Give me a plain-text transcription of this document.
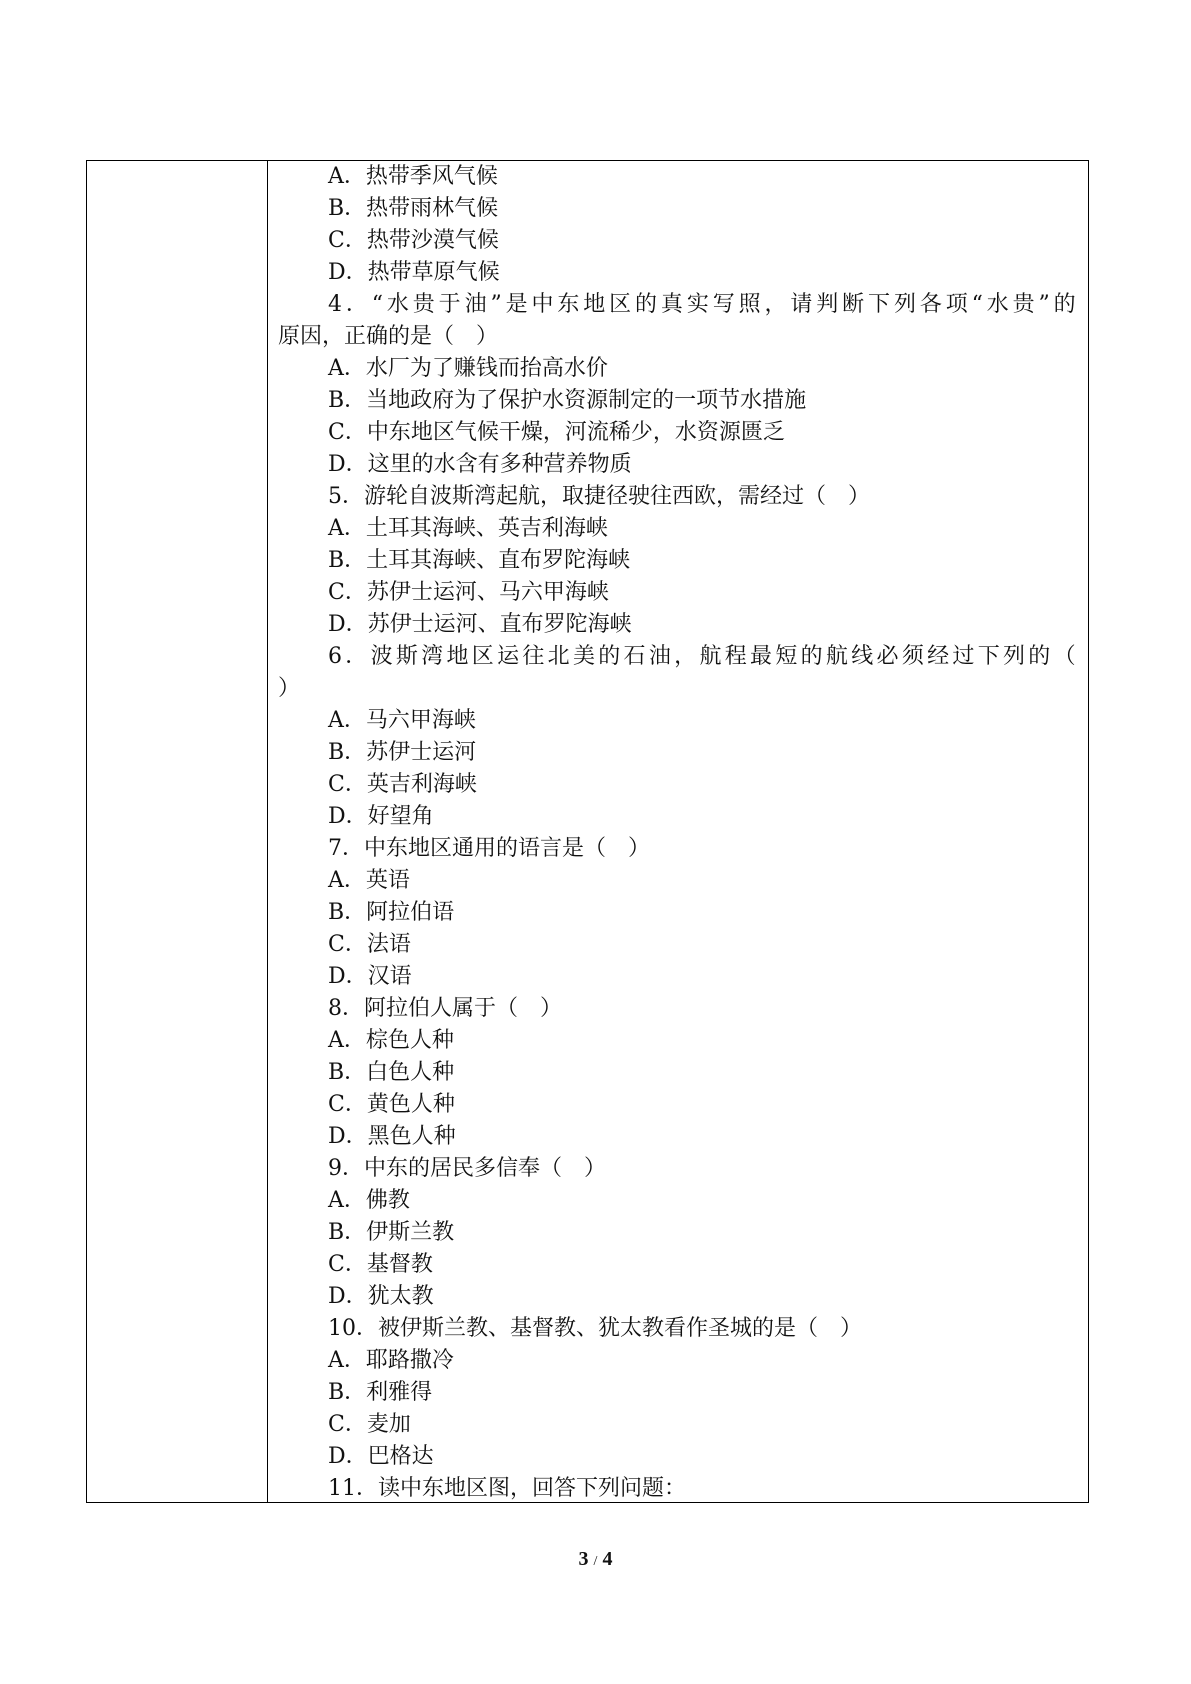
A．热带季风气候
B．热带雨林气候
C．热带沙漠气候
D．热带草原气候
4 ． “ 水 贵 于 油 ” 是 中 东 地 区 的 真 实 写 照 ， 请 判 断 下 列 各 项 “ 水 贵 ” 的
原因，正确的是（　）
A．水厂为了赚钱而抬高水价
B．当地政府为了保护水资源制定的一项节水措施
C．中东地区气候干燥，河流稀少，水资源匮乏
D．这里的水含有多种营养物质
5．游轮自波斯湾起航，取捷径驶往西欧，需经过（　）
A．土耳其海峡、英吉利海峡
B．土耳其海峡、直布罗陀海峡
C．苏伊士运河、马六甲海峡
D．苏伊士运河、直布罗陀海峡
6 ． 波 斯 湾 地 区 运 往 北 美 的 石 油 ， 航 程 最 短 的 航 线 必 须 经 过 下 列 的 （
）
A．马六甲海峡
B．苏伊士运河
C．英吉利海峡
D．好望角
7．中东地区通用的语言是（　）
A．英语
B．阿拉伯语
C．法语
D．汉语
8．阿拉伯人属于（　）
A．棕色人种
B．白色人种
C．黄色人种
D．黑色人种
9．中东的居民多信奉（　）
A．佛教
B．伊斯兰教
C．基督教
D．犹太教
10．被伊斯兰教、基督教、犹太教看作圣城的是（　）
A．耶路撒冷
B．利雅得
C．麦加
D．巴格达
11．读中东地区图，回答下列问题：
3 / 4
